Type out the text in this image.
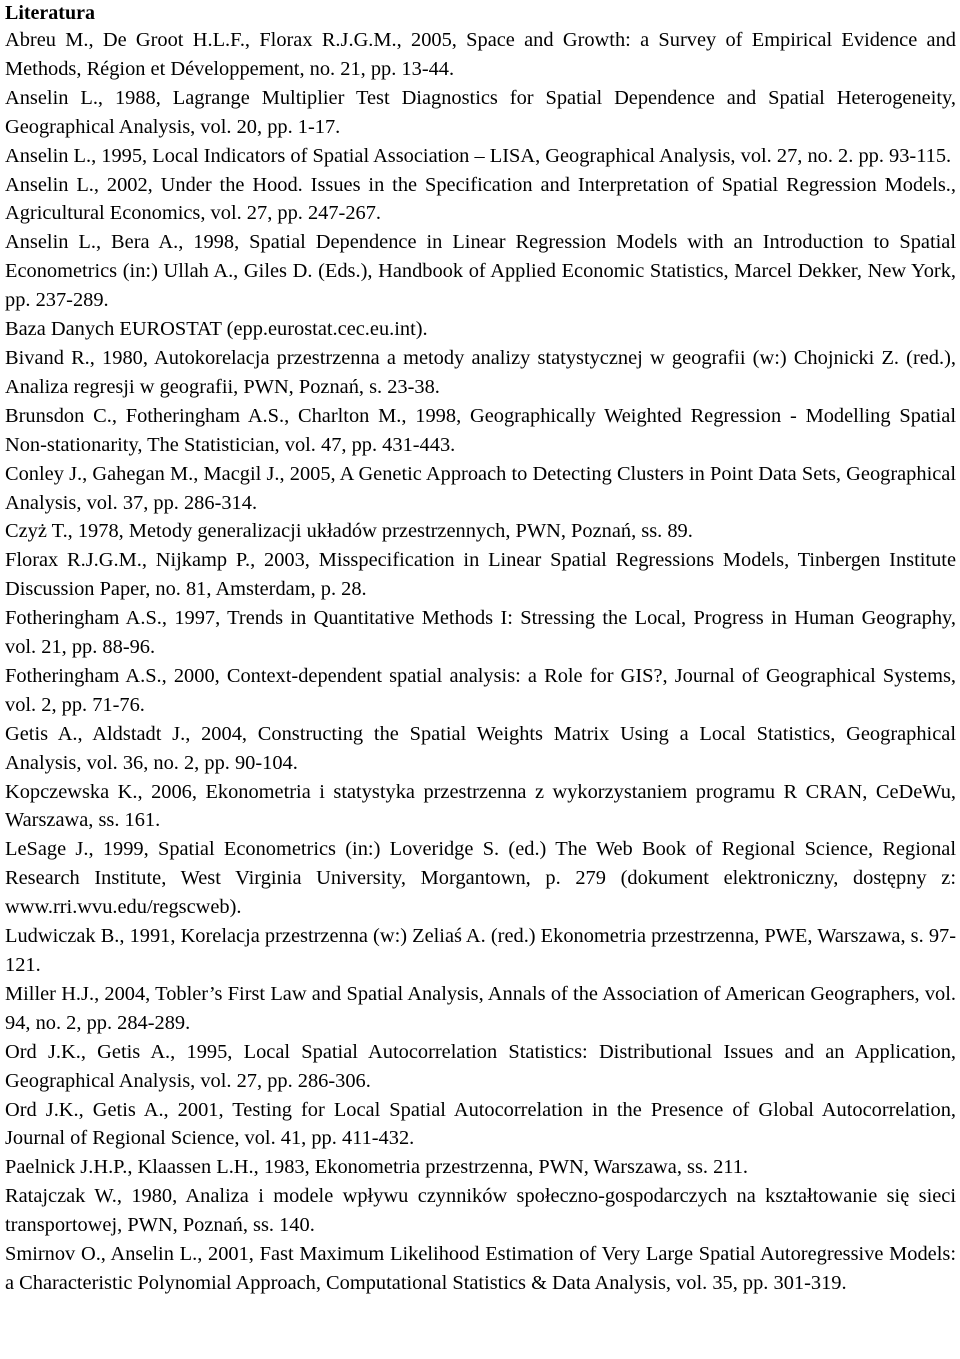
Literatura
Abreu M., De Groot H.L.F., Florax R.J.G.M., 2005, Space and Growth: a Survey of Empirical Evidence and Methods, Région et Développement, no. 21, pp. 13-44.
Anselin L., 1988, Lagrange Multiplier Test Diagnostics for Spatial Dependence and Spatial Heterogeneity, Geographical Analysis, vol. 20, pp. 1-17.
Anselin L., 1995, Local Indicators of Spatial Association – LISA, Geographical Analysis, vol. 27, no. 2. pp. 93-115.
Anselin L., 2002, Under the Hood. Issues in the Specification and Interpretation of Spatial Regression Models., Agricultural Economics, vol. 27, pp. 247-267.
Anselin L., Bera A., 1998, Spatial Dependence in Linear Regression Models with an Introduction to Spatial Econometrics (in:) Ullah A., Giles D. (Eds.), Handbook of Applied Economic Statistics, Marcel Dekker, New York, pp. 237-289.
Baza Danych EUROSTAT (epp.eurostat.cec.eu.int).
Bivand R., 1980, Autokorelacja przestrzenna a metody analizy statystycznej w geografii (w:) Chojnicki Z. (red.), Analiza regresji w geografii, PWN, Poznań, s. 23-38.
Brunsdon C., Fotheringham A.S., Charlton M., 1998, Geographically Weighted Regression - Modelling Spatial Non-stationarity, The Statistician, vol. 47, pp. 431-443.
Conley J., Gahegan M., Macgil J., 2005, A Genetic Approach to Detecting Clusters in Point Data Sets, Geographical Analysis, vol. 37, pp. 286-314.
Czyż T., 1978, Metody generalizacji układów przestrzennych, PWN, Poznań, ss. 89.
Florax R.J.G.M., Nijkamp P., 2003, Misspecification in Linear Spatial Regressions Models, Tinbergen Institute Discussion Paper, no. 81, Amsterdam, p. 28.
Fotheringham A.S., 1997, Trends in Quantitative Methods I: Stressing the Local, Progress in Human Geography, vol. 21, pp. 88-96.
Fotheringham A.S., 2000, Context-dependent spatial analysis: a Role for GIS?, Journal of Geographical Systems, vol. 2, pp. 71-76.
Getis A., Aldstadt J., 2004, Constructing the Spatial Weights Matrix Using a Local Statistics, Geographical Analysis, vol. 36, no. 2, pp. 90-104.
Kopczewska K., 2006, Ekonometria i statystyka przestrzenna z wykorzystaniem programu R CRAN, CeDeWu, Warszawa, ss. 161.
LeSage J., 1999, Spatial Econometrics (in:) Loveridge S. (ed.) The Web Book of Regional Science, Regional Research Institute, West Virginia University, Morgantown, p. 279 (dokument elektroniczny, dostępny z: www.rri.wvu.edu/regscweb).
Ludwiczak B., 1991, Korelacja przestrzenna (w:) Zeliaś A. (red.) Ekonometria przestrzenna, PWE, Warszawa, s. 97-121.
Miller H.J., 2004, Tobler’s First Law and Spatial Analysis, Annals of the Association of American Geographers, vol. 94, no. 2, pp. 284-289.
Ord J.K., Getis A., 1995, Local Spatial Autocorrelation Statistics: Distributional Issues and an Application, Geographical Analysis, vol. 27, pp. 286-306.
Ord J.K., Getis A., 2001, Testing for Local Spatial Autocorrelation in the Presence of Global Autocorrelation, Journal of Regional Science, vol. 41, pp. 411-432.
Paelnick J.H.P., Klaassen L.H., 1983, Ekonometria przestrzenna, PWN, Warszawa, ss. 211.
Ratajczak W., 1980, Analiza i modele wpływu czynników społeczno-gospodarczych na kształtowanie się sieci transportowej, PWN, Poznań, ss. 140.
Smirnov O., Anselin L., 2001, Fast Maximum Likelihood Estimation of Very Large Spatial Autoregressive Models: a Characteristic Polynomial Approach, Computational Statistics & Data Analysis, vol. 35, pp. 301-319.
